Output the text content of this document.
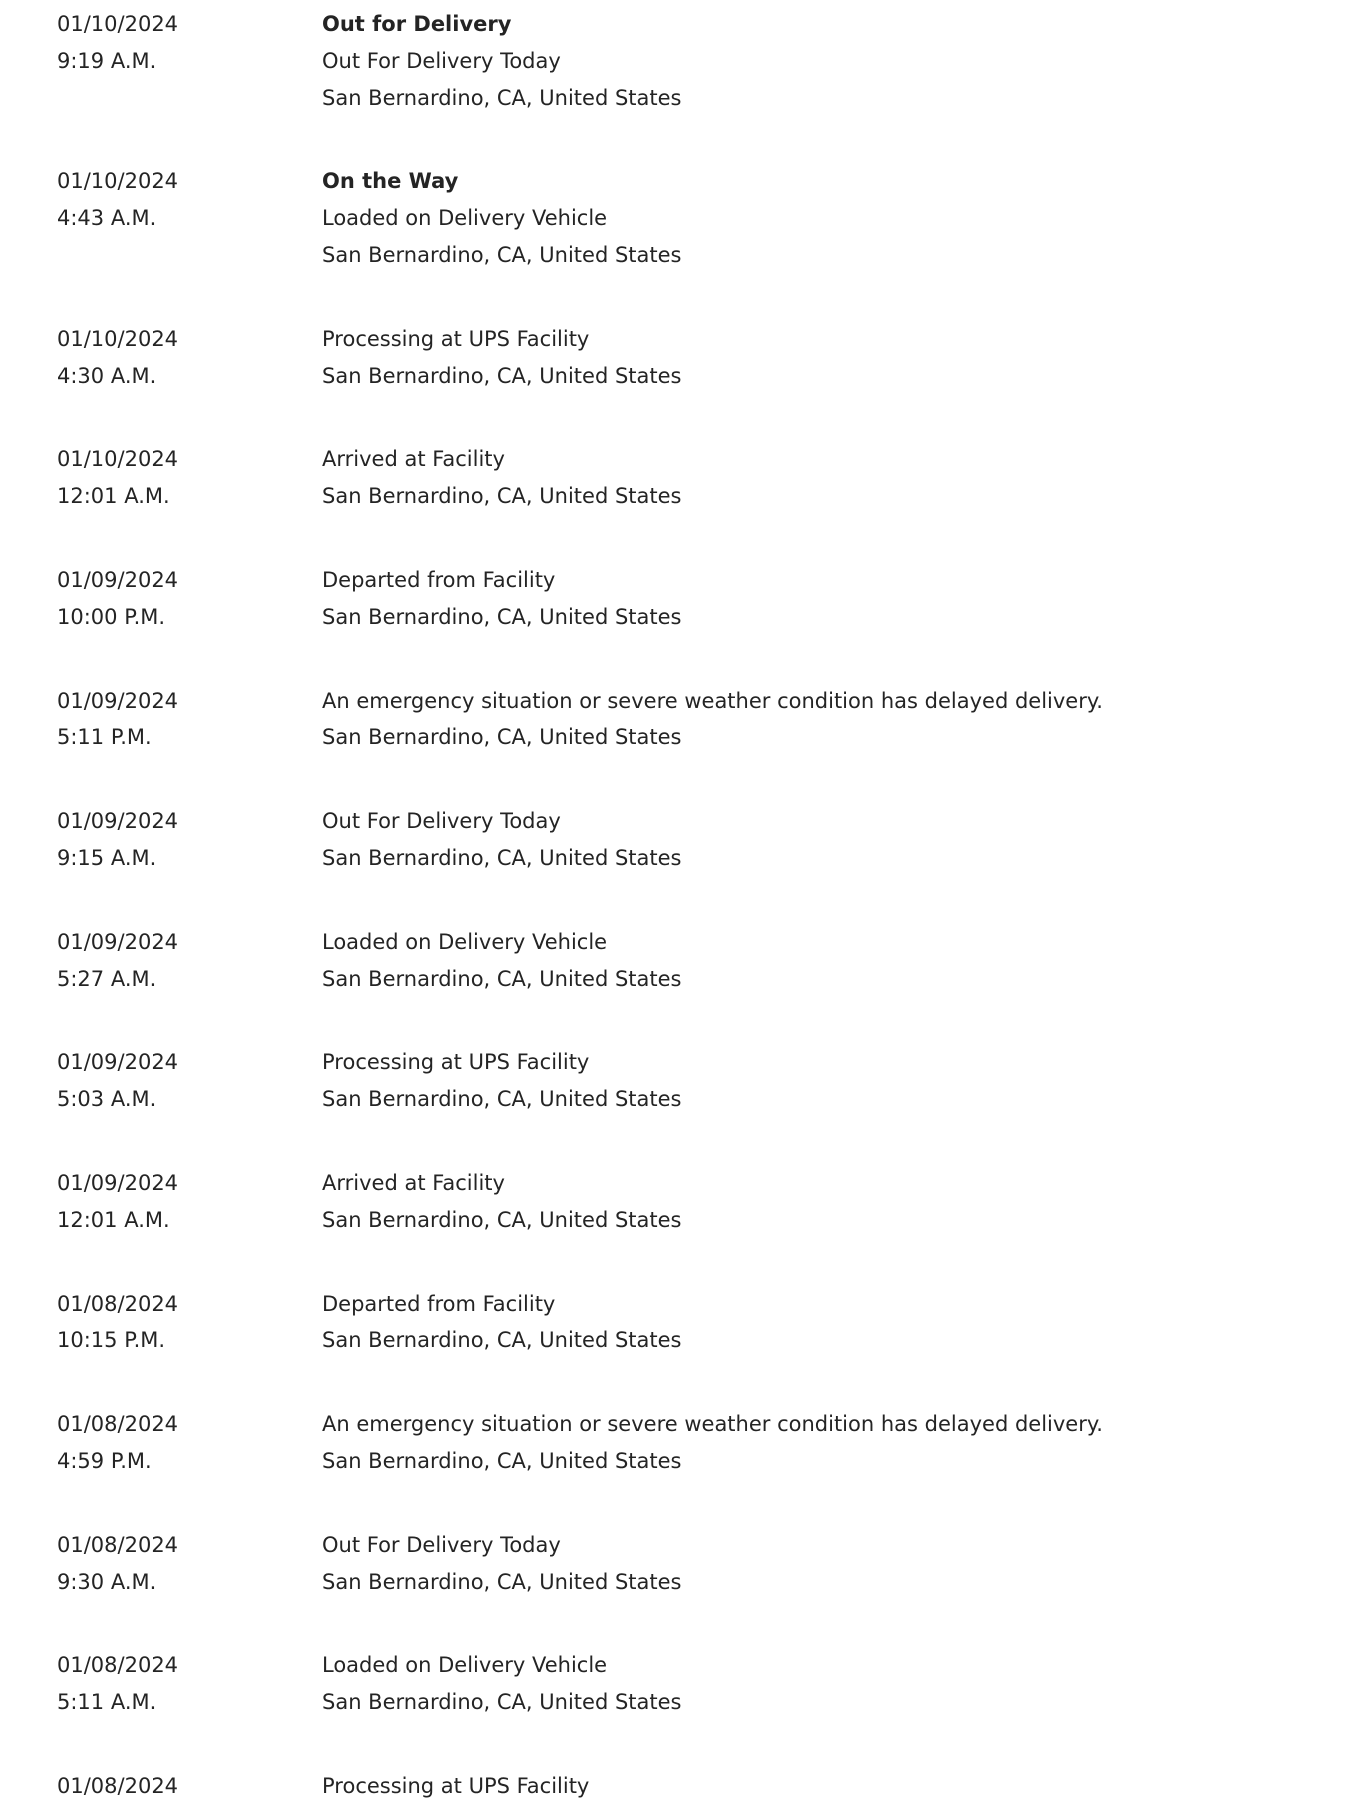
01/10/2024
9:19 A.M.
Out for Delivery
Out For Delivery Today
San Bernardino, CA, United States
01/10/2024
4:43 A.M.
On the Way
Loaded on Delivery Vehicle
San Bernardino, CA, United States
01/10/2024
4:30 A.M.
Processing at UPS Facility
San Bernardino, CA, United States
01/10/2024
12:01 A.M.
Arrived at Facility
San Bernardino, CA, United States
01/09/2024
10:00 P.M.
Departed from Facility
San Bernardino, CA, United States
01/09/2024
5:11 P.M.
An emergency situation or severe weather condition has delayed delivery.
San Bernardino, CA, United States
01/09/2024
9:15 A.M.
Out For Delivery Today
San Bernardino, CA, United States
01/09/2024
5:27 A.M.
Loaded on Delivery Vehicle
San Bernardino, CA, United States
01/09/2024
5:03 A.M.
Processing at UPS Facility
San Bernardino, CA, United States
01/09/2024
12:01 A.M.
Arrived at Facility
San Bernardino, CA, United States
01/08/2024
10:15 P.M.
Departed from Facility
San Bernardino, CA, United States
01/08/2024
4:59 P.M.
An emergency situation or severe weather condition has delayed delivery.
San Bernardino, CA, United States
01/08/2024
9:30 A.M.
Out For Delivery Today
San Bernardino, CA, United States
01/08/2024
5:11 A.M.
Loaded on Delivery Vehicle
San Bernardino, CA, United States
01/08/2024	Processing at UPS Facility
